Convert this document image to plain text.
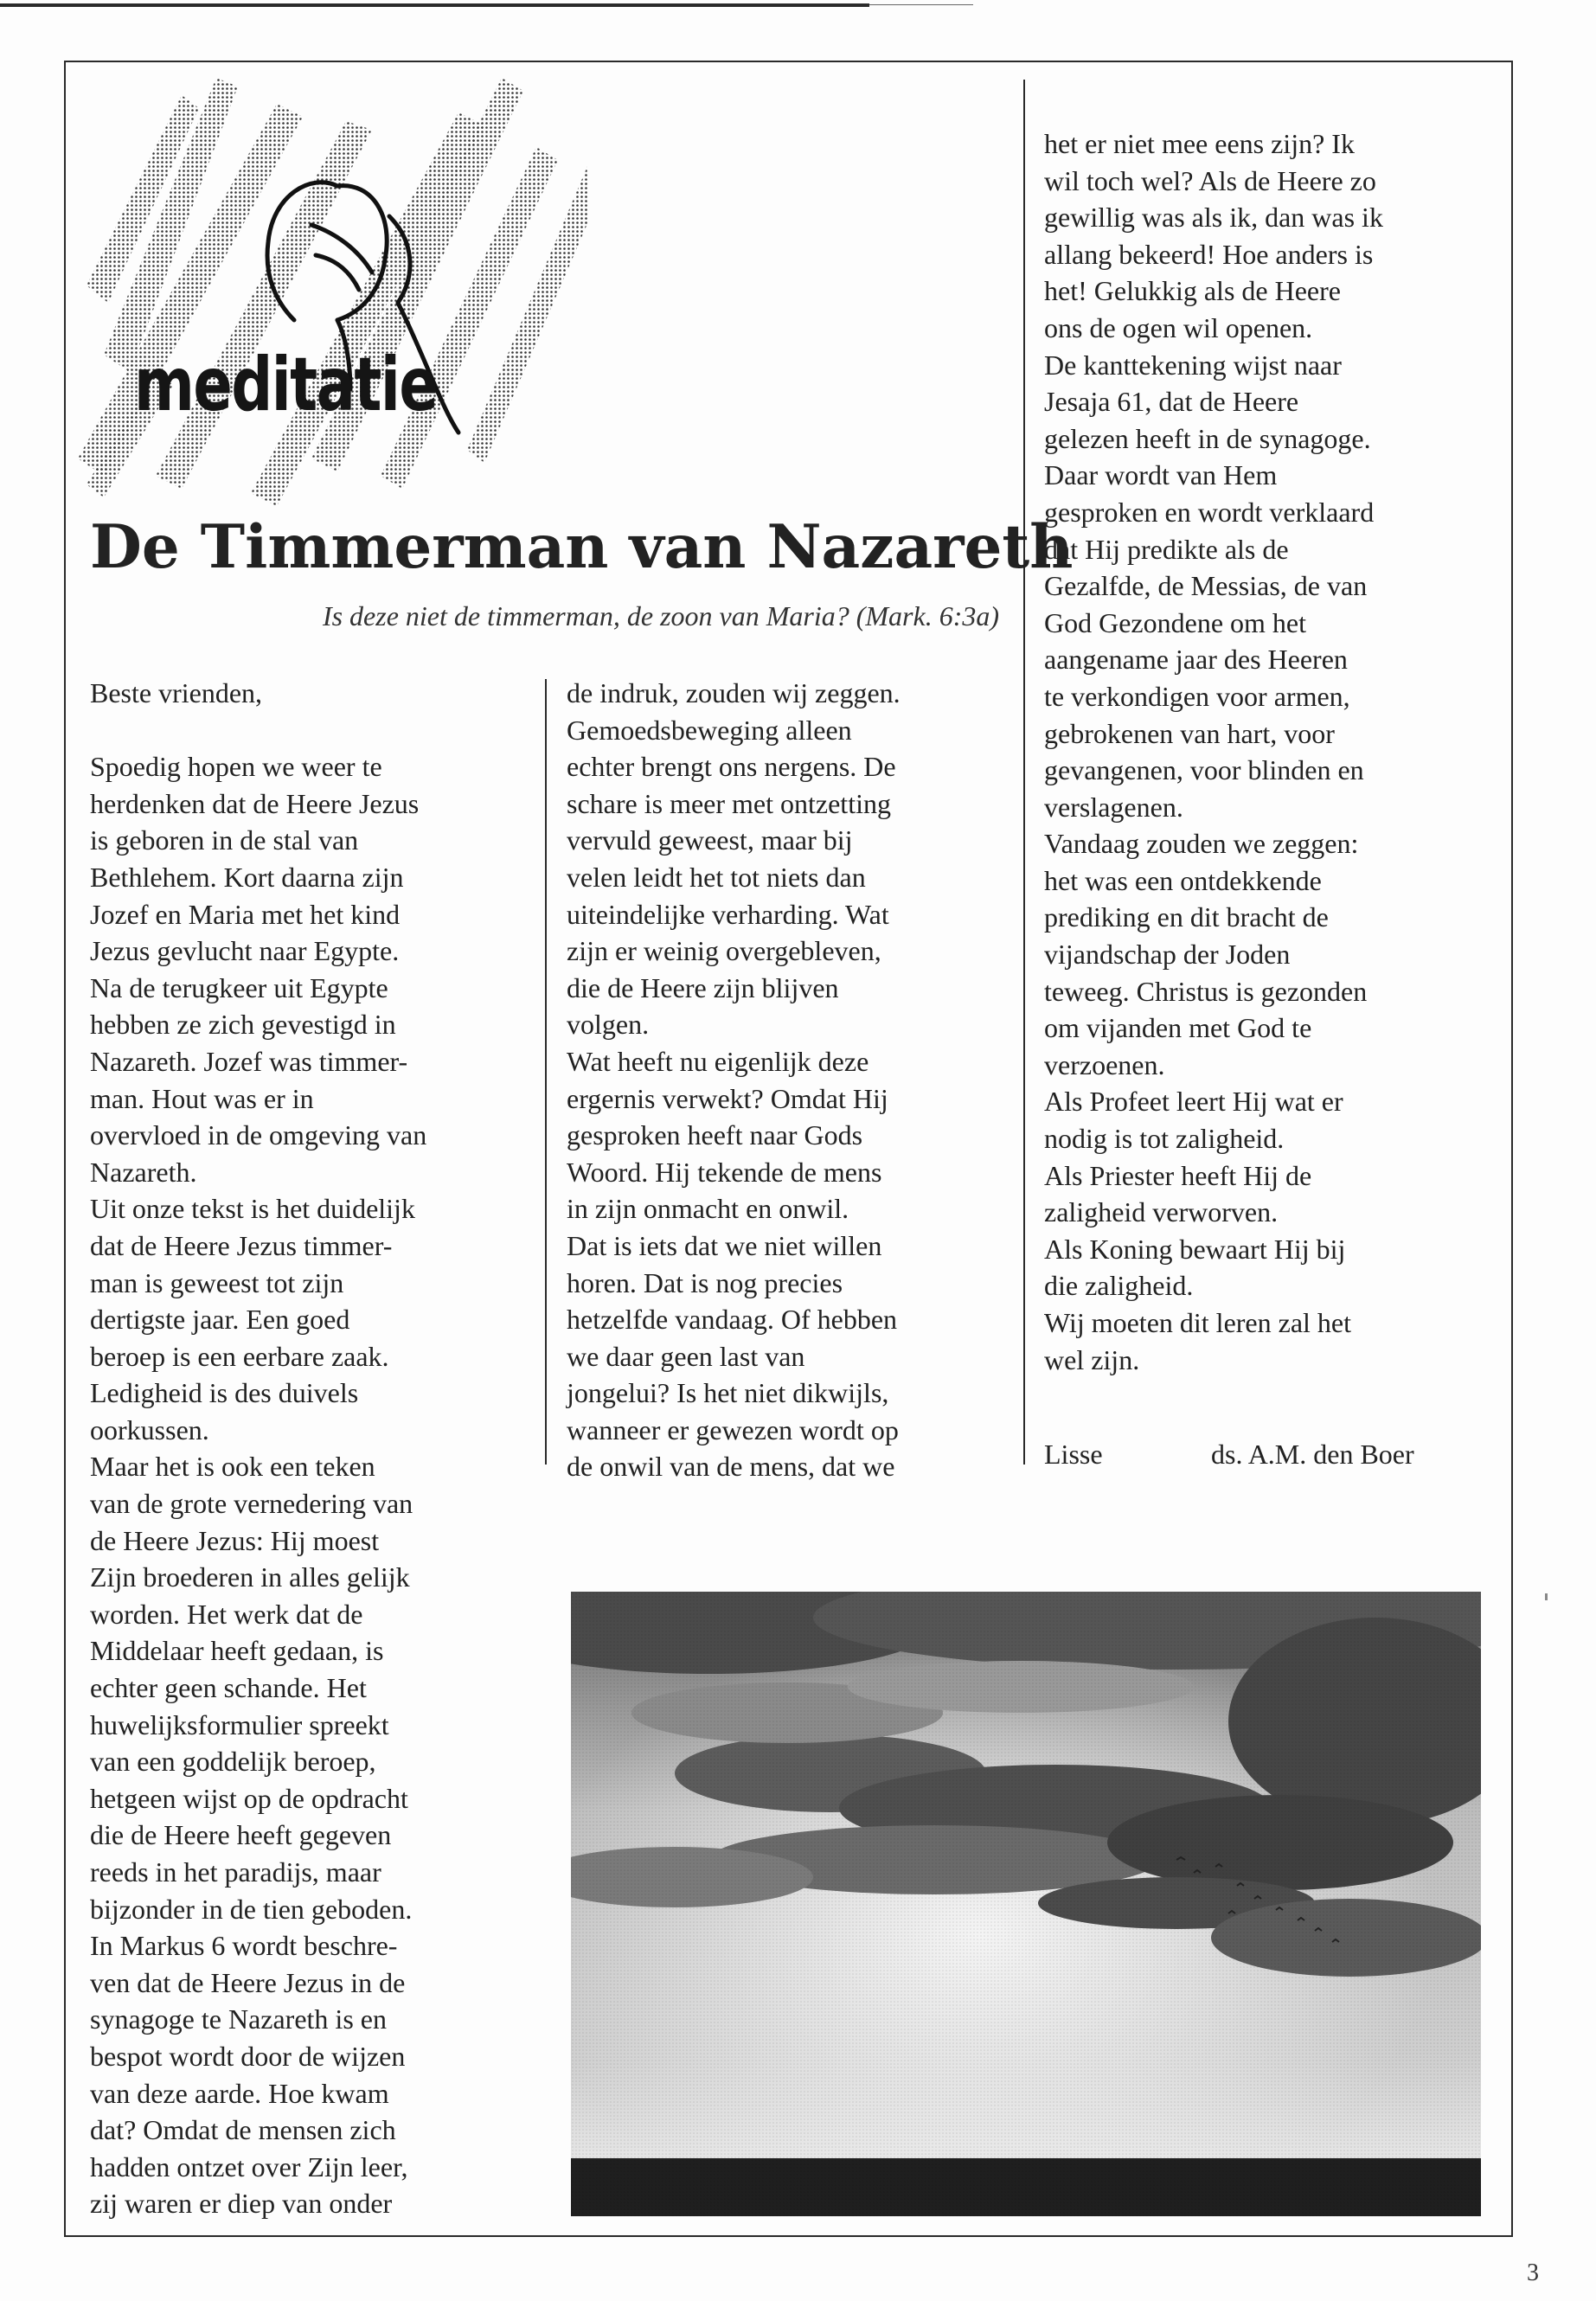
meditatie
De Timmerman van Nazareth
Is deze niet de timmerman, de zoon van Maria? (Mark. 6:3a)
Beste vrienden,
Spoedig hopen we weer te
herdenken dat de Heere Jezus
is geboren in de stal van
Bethlehem. Kort daarna zijn
Jozef en Maria met het kind
Jezus gevlucht naar Egypte.
Na de terugkeer uit Egypte
hebben ze zich gevestigd in
Nazareth. Jozef was timmer-
man. Hout was er in
overvloed in de omgeving van
Nazareth.
Uit onze tekst is het duidelijk
dat de Heere Jezus timmer-
man is geweest tot zijn
dertigste jaar. Een goed
beroep is een eerbare zaak.
Ledigheid is des duivels
oorkussen.
Maar het is ook een teken
van de grote vernedering van
de Heere Jezus: Hij moest
Zijn broederen in alles gelijk
worden. Het werk dat de
Middelaar heeft gedaan, is
echter geen schande. Het
huwelijksformulier spreekt
van een goddelijk beroep,
hetgeen wijst op de opdracht
die de Heere heeft gegeven
reeds in het paradijs, maar
bijzonder in de tien geboden.
In Markus 6 wordt beschre-
ven dat de Heere Jezus in de
synagoge te Nazareth is en
bespot wordt door de wijzen
van deze aarde. Hoe kwam
dat? Omdat de mensen zich
hadden ontzet over Zijn leer,
zij waren er diep van onder
de indruk, zouden wij zeggen.
Gemoedsbeweging alleen
echter brengt ons nergens. De
schare is meer met ontzetting
vervuld geweest, maar bij
velen leidt het tot niets dan
uiteindelijke verharding. Wat
zijn er weinig overgebleven,
die de Heere zijn blijven
volgen.
Wat heeft nu eigenlijk deze
ergernis verwekt? Omdat Hij
gesproken heeft naar Gods
Woord. Hij tekende de mens
in zijn onmacht en onwil.
Dat is iets dat we niet willen
horen. Dat is nog precies
hetzelfde vandaag. Of hebben
we daar geen last van
jongelui? Is het niet dikwijls,
wanneer er gewezen wordt op
de onwil van de mens, dat we
het er niet mee eens zijn? Ik
wil toch wel? Als de Heere zo
gewillig was als ik, dan was ik
allang bekeerd! Hoe anders is
het! Gelukkig als de Heere
ons de ogen wil openen.
De kanttekening wijst naar
Jesaja 61, dat de Heere
gelezen heeft in de synagoge.
Daar wordt van Hem
gesproken en wordt verklaard
dat Hij predikte als de
Gezalfde, de Messias, de van
God Gezondene om het
aangename jaar des Heeren
te verkondigen voor armen,
gebrokenen van hart, voor
gevangenen, voor blinden en
verslagenen.
Vandaag zouden we zeggen:
het was een ontdekkende
prediking en dit bracht de
vijandschap der Joden
teweeg. Christus is gezonden
om vijanden met God te
verzoenen.
Als Profeet leert Hij wat er
nodig is tot zaligheid.
Als Priester heeft Hij de
zaligheid verworven.
Als Koning bewaart Hij bij
die zaligheid.
Wij moeten dit leren zal het
wel zijn.
Lisse	ds. A.M. den Boer
3
